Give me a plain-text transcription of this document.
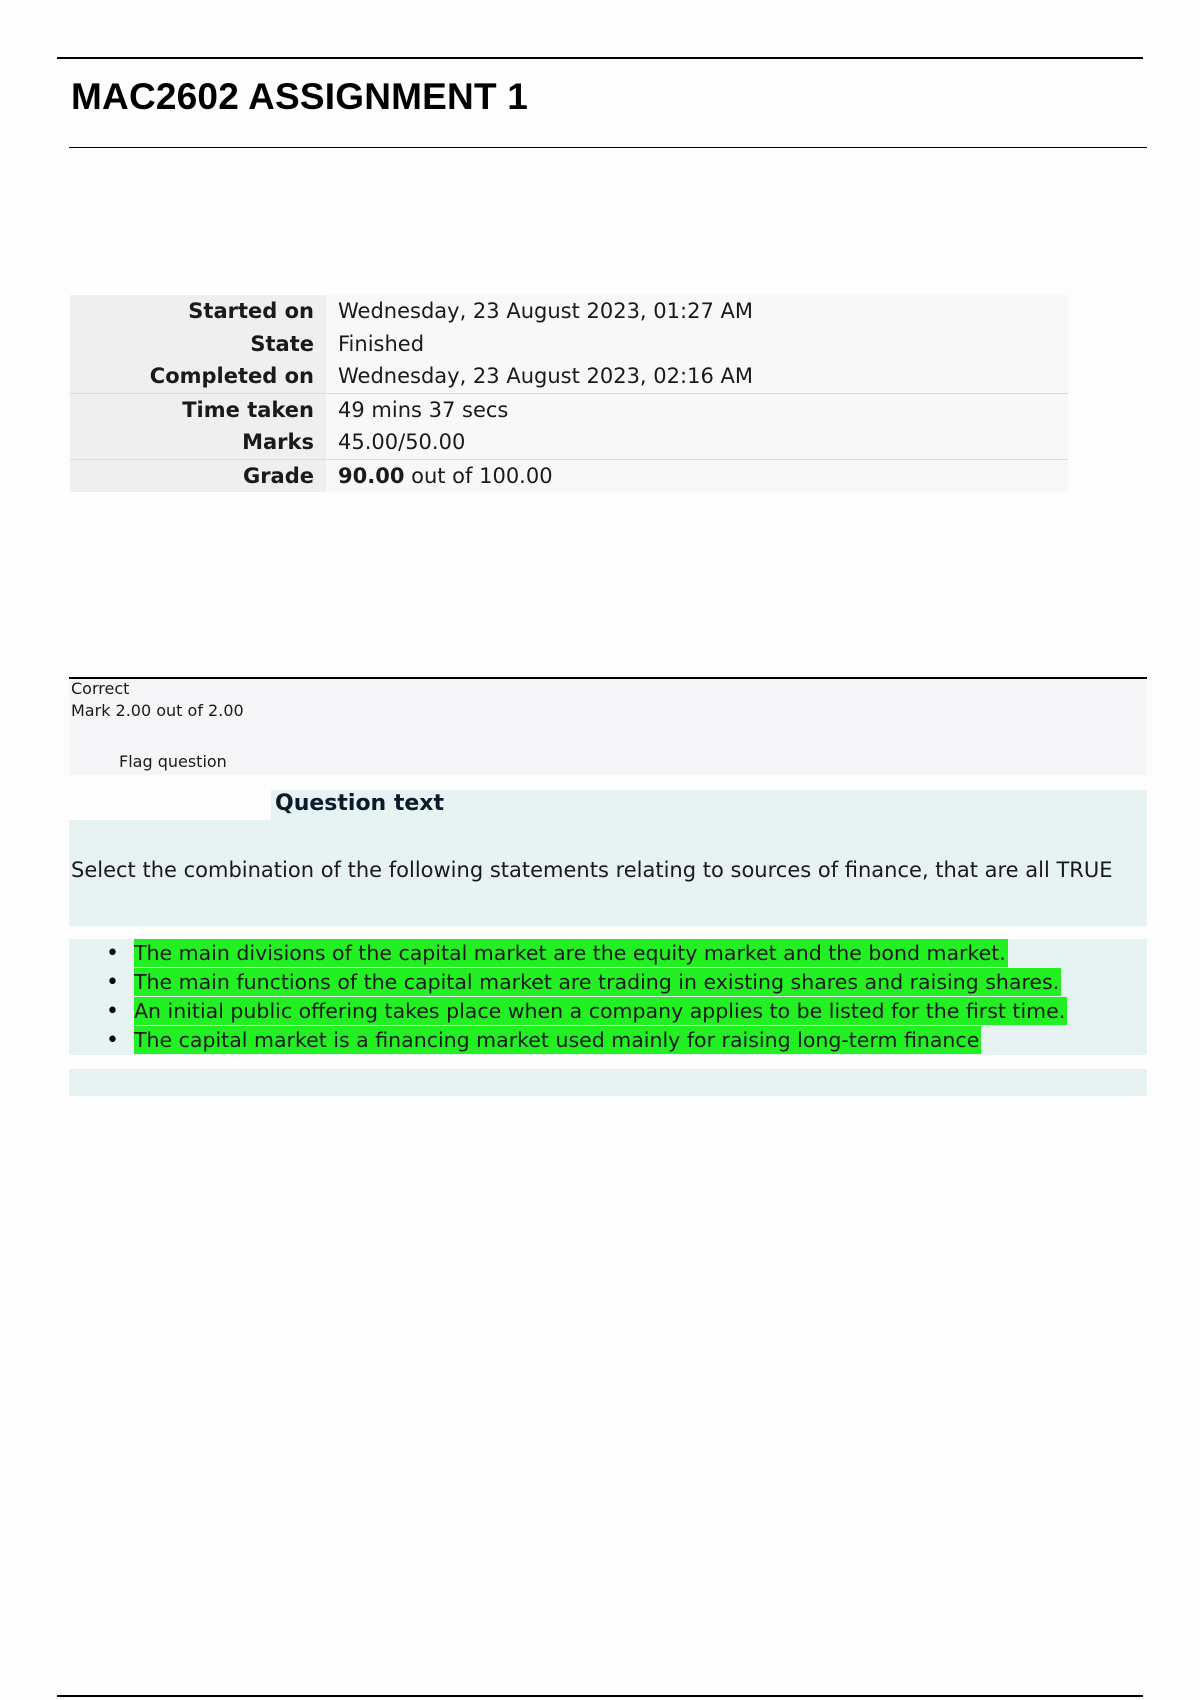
MAC2602 ASSIGNMENT 1
Started on	Wednesday, 23 August 2023, 01:27 AM
State	Finished
Completed on	Wednesday, 23 August 2023, 02:16 AM
Time taken	49 mins 37 secs
Marks	45.00/50.00
Grade	90.00 out of 100.00
Correct
Mark 2.00 out of 2.00
Flag question
Question text

Select the combination of the following statements relating to sources of finance, that are all TRUE

• The main divisions of the capital market are the equity market and the bond market.
• The main functions of the capital market are trading in existing shares and raising shares.
• An initial public offering takes place when a company applies to be listed for the first time.
• The capital market is a financing market used mainly for raising long-term finance
